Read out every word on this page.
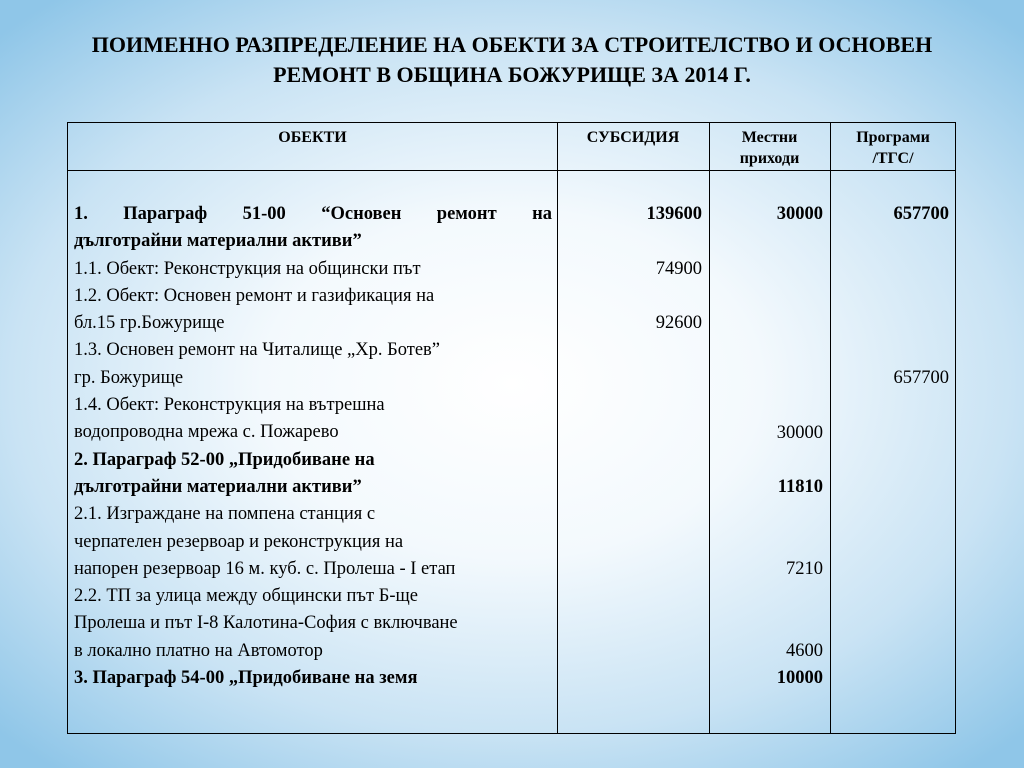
ПОИМЕННО РАЗПРЕДЕЛЕНИЕ НА ОБЕКТИ ЗА СТРОИТЕЛСТВО И ОСНОВЕН
РЕМОНТ В ОБЩИНА БОЖУРИЩЕ ЗА 2014 Г.
ОБЕКТИ	СУБСИДИЯ	Местни
приходи
Програми
/ТГС/
1. Параграф 51-00 “Основен ремонт на
дълготрайни материални активи”
1.1. Обект: Реконструкция на общински път
1.2. Обект: Основен ремонт и газификация на
бл.15 гр.Божурище
1.3. Основен ремонт на Читалище „Хр. Ботев”
гр. Божурище
1.4. Обект: Реконструкция на вътрешна
водопроводна мрежа с. Пожарево
2. Параграф 52-00 „Придобиване на
дълготрайни материални активи”
2.1. Изграждане на помпена станция с
черпателен резервоар и реконструкция на
напорен резервоар 16 м. куб. с. Пролеша - I етап
2.2. ТП за улица между общински път Б-ще
Пролеша и път I-8 Калотина-София с включване
в локално платно на Автомотор
3. Параграф 54-00 „Придобиване на земя
139600
74900
92600
30000
30000
11810
7210
4600
10000
657700
657700
